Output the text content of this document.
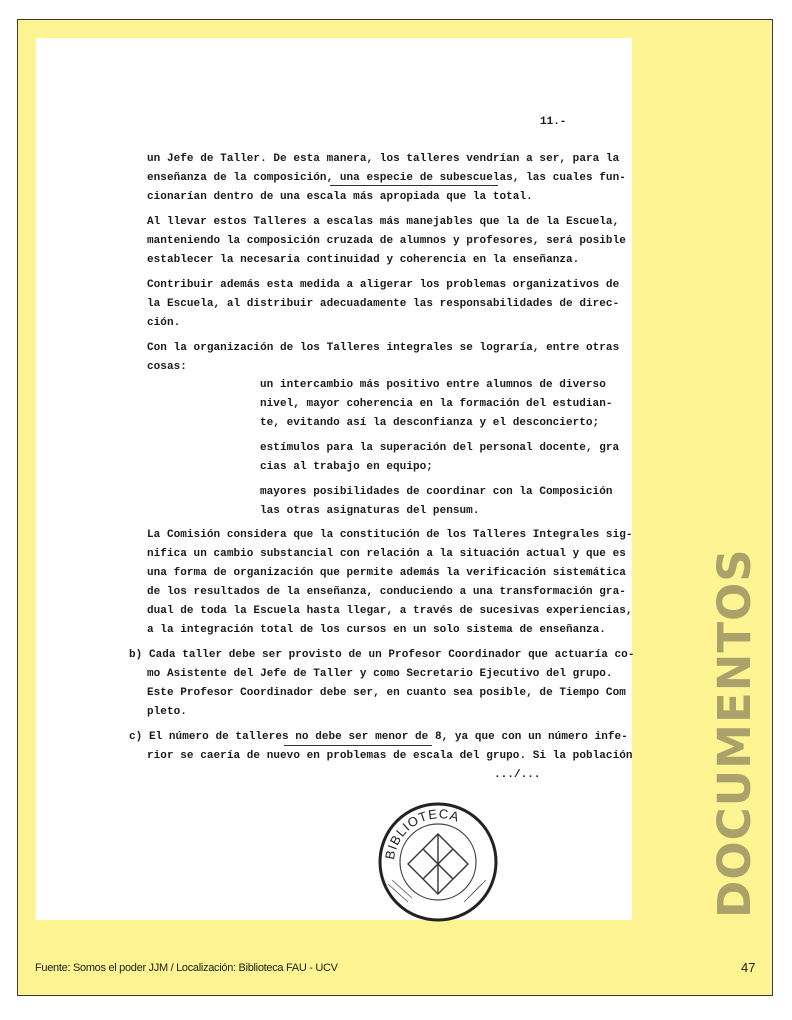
11.-
un Jefe de Taller. De esta manera, los talleres vendrían a ser, para la
enseñanza de la composición, una especie de subescuelas, las cuales fun-
cionarían dentro de una escala más apropiada que la total.
Al llevar estos Talleres a escalas más manejables que la de la Escuela,
manteniendo la composición cruzada de alumnos y profesores, será posible
establecer la necesaria continuidad y coherencia en la enseñanza.
Contribuir además esta medida a aligerar los problemas organizativos de
la Escuela, al distribuir adecuadamente las responsabilidades de direc-
ción.
Con la organización de los Talleres integrales se lograría, entre otras
cosas:
un intercambio más positivo entre alumnos de diverso
nivel, mayor coherencia en la formación del estudian-
te, evitando así la desconfianza y el desconcierto;
estímulos para la superación del personal docente, gra
cias al trabajo en equipo;
mayores posibilidades de coordinar con la Composición
las otras asignaturas del pensum.
La Comisión considera que la constitución de los Talleres Integrales sig-
nifica un cambio substancial con relación a la situación actual y que es
una forma de organización que permite además la verificación sistemática
de los resultados de la enseñanza, conduciendo a una transformación gra-
dual de toda la Escuela hasta llegar, a través de sucesivas experiencias,
a la integración total de los cursos en un solo sistema de enseñanza.
b) Cada taller debe ser provisto de un Profesor Coordinador que actuaría co-
mo Asistente del Jefe de Taller y como Secretario Ejecutivo del grupo.
Este Profesor Coordinador debe ser, en cuanto sea posible, de Tiempo Com
pleto.
c) El número de talleres no debe ser menor de 8, ya que con un número infe-
rior se caería de nuevo en problemas de escala del grupo. Si la población
.../...
BIBLIOTECA	DOCUMENTOS
Fuente: Somos el poder JJM / Localización: Biblioteca FAU - UCV	47
